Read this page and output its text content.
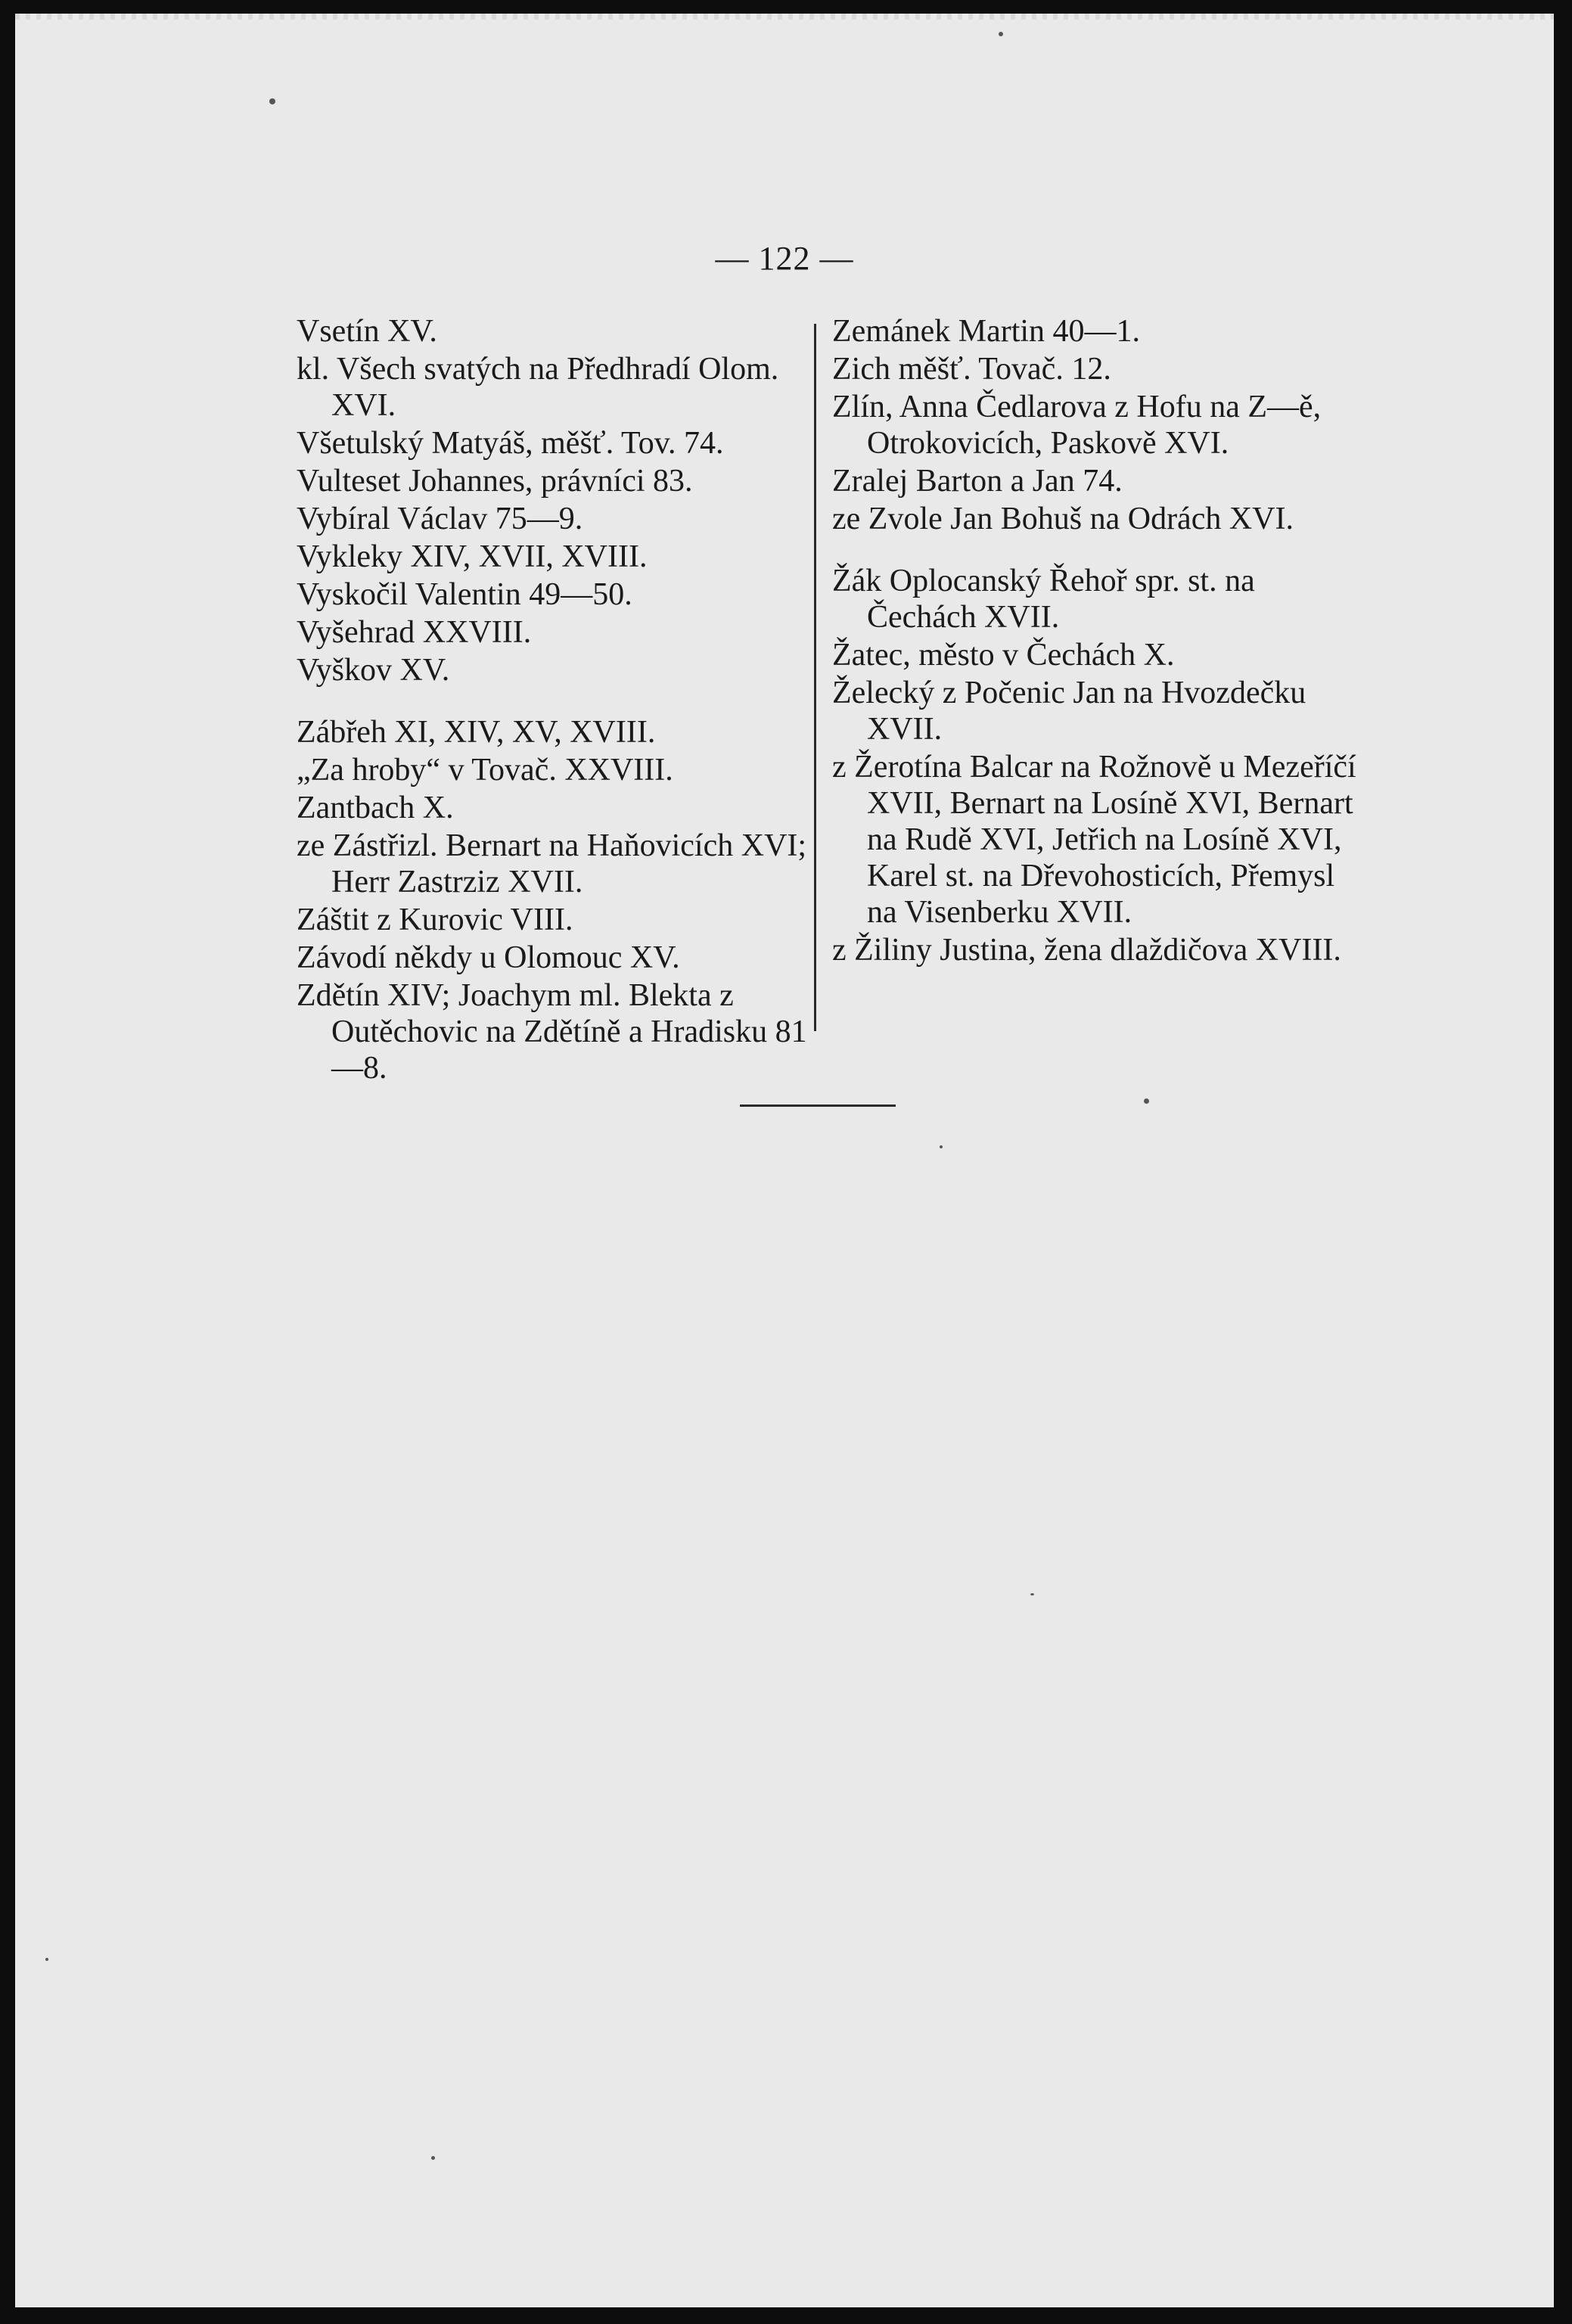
— 122 —

Vsetín XV.

kl. Všech svatých na Předhradí Olom. XVI.

Všetulský Matyáš, měšť. Tov. 74.

Vulteset Johannes, právníci 83.

Vybíral Václav 75—9.

Vykleky XIV, XVII, XVIII.

Vyskočil Valentin 49—50.

Vyšehrad XXVIII.

Vyškov XV.

Zábřeh XI, XIV, XV, XVIII.

„Za hroby“ v Tovač. XXVIII.

Zantbach X.

ze Zástřizl. Bernart na Haňovicích XVI; Herr Zastrziz XVII.

Záštit z Kurovic VIII.

Závodí někdy u Olomouc XV.

Zdětín XIV; Joachym ml. Blekta z Outěchovic na Zdětíně a Hradisku 81—8.

Zemánek Martin 40—1.

Zich měšť. Tovač. 12.

Zlín, Anna Čedlarova z Hofu na Z—ě, Otrokovicích, Paskově XVI.

Zralej Barton a Jan 74.

ze Zvole Jan Bohuš na Odrách XVI.

Žák Oplocanský Řehoř spr. st. na Čechách XVII.

Žatec, město v Čechách X.

Želecký z Počenic Jan na Hvozdečku XVII.

z Žerotína Balcar na Rožnově u Mezeříčí XVII, Bernart na Losíně XVI, Bernart na Rudě XVI, Jetřich na Losíně XVI, Karel st. na Dřevohosticích, Přemysl na Visenberku XVII.

z Žiliny Justina, žena dlaždičova XVIII.
